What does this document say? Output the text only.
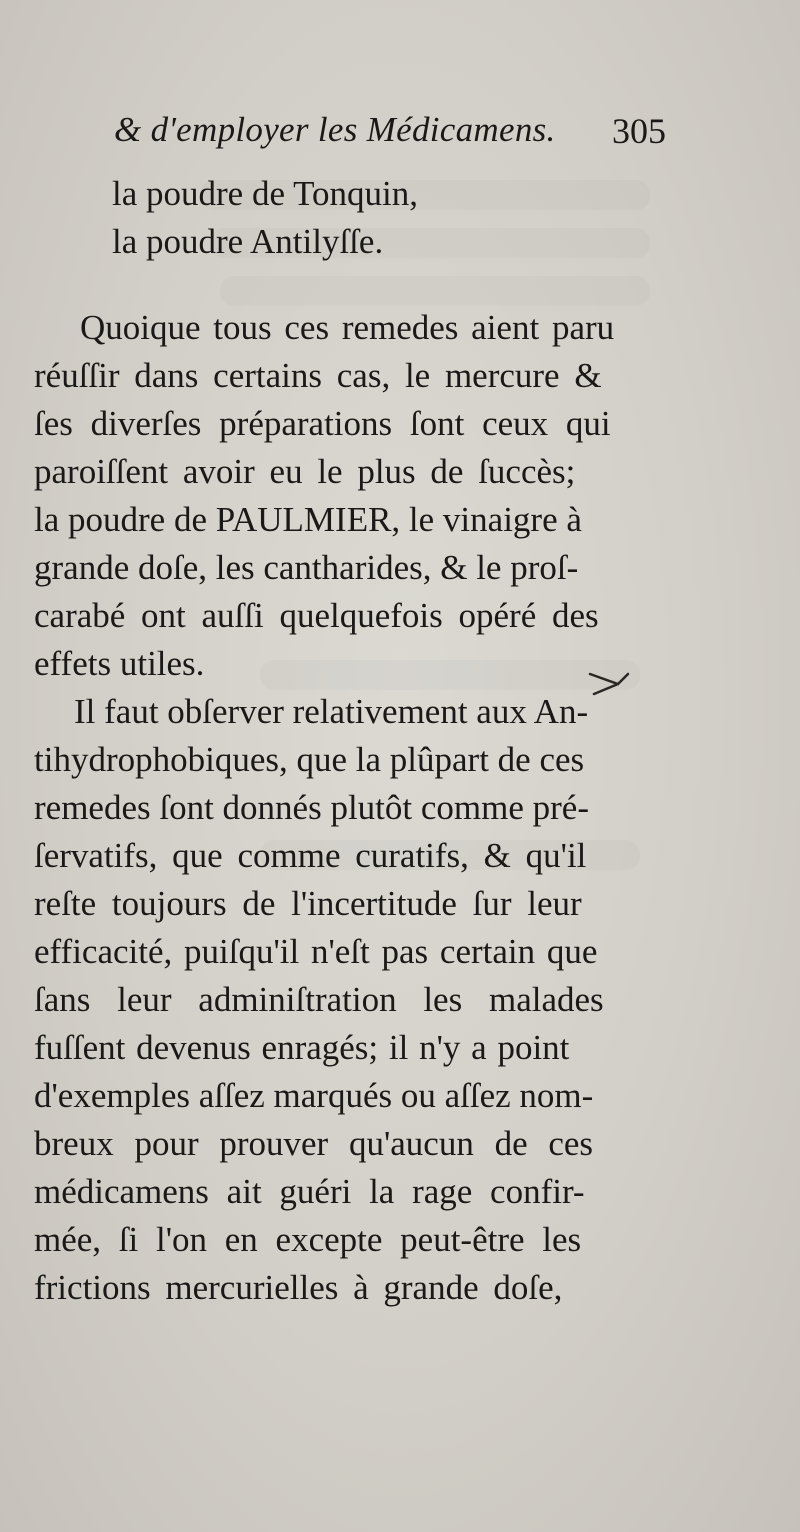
& d'employer les Médicamens. 305
la poudre de Tonquin,
la poudre Antilyſſe.
Quoique tous ces remedes aient paru
réuſſir dans certains cas, le mercure &
ſes diverſes préparations ſont ceux qui
paroiſſent avoir eu le plus de ſuccès;
la poudre de PAULMIER, le vinaigre à
grande doſe, les cantharides, & le proſ-
carabé ont auſſi quelquefois opéré des
effets utiles.
Il faut obſerver relativement aux An-
tihydrophobiques, que la plûpart de ces
remedes ſont donnés plutôt comme pré-
ſervatifs, que comme curatifs, & qu'il
reſte toujours de l'incertitude ſur leur
efficacité, puiſqu'il n'eſt pas certain que
ſans leur adminiſtration les malades
fuſſent devenus enragés; il n'y a point
d'exemples aſſez marqués ou aſſez nom-
breux pour prouver qu'aucun de ces
médicamens ait guéri la rage confir-
mée, ſi l'on en excepte peut-être les
frictions mercurielles à grande doſe,
